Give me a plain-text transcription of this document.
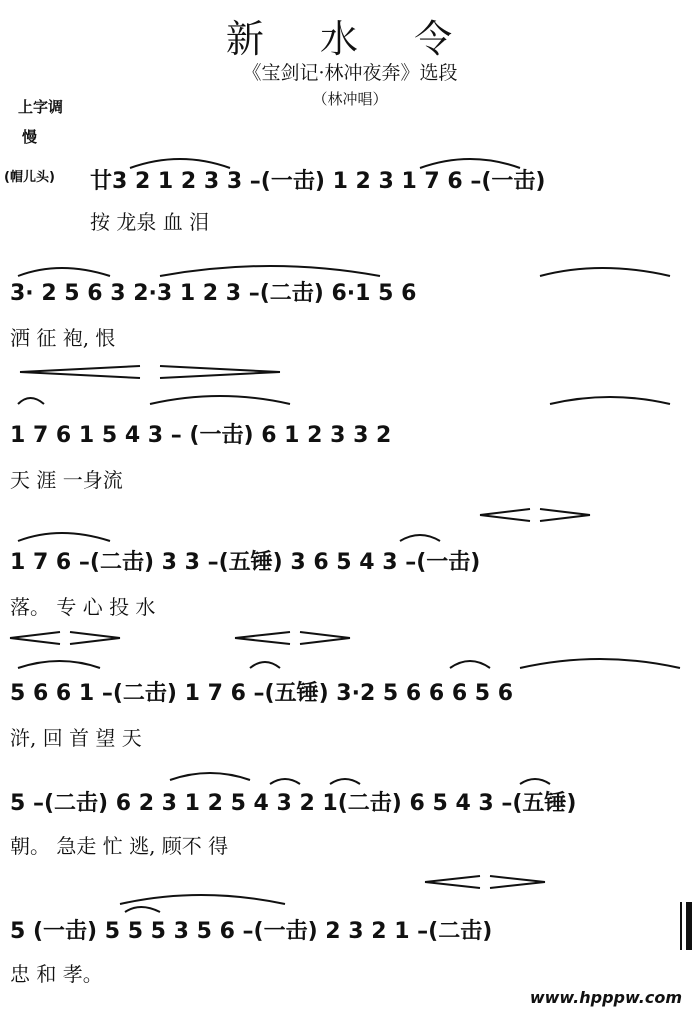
新 水 令
《宝剑记·林冲夜奔》选段
（林冲唱）
上字调
慢
(帽儿头) 廿3 2 1 2 3 3 –(一击) 1 2 3 1 7 6 –(一击)
按 龙泉 血 泪
3· 2 5 6 3 2·3 1 2 3 –(二击) 6·1 5 6
洒 征 袍, 恨
1 7 6 1 5 4 3 – (一击) 6 1 2 3 3 2
天 涯 一身流
1 7 6 –(二击) 3 3 –(五锤) 3 6 5 4 3 –(一击)
落。 专 心 投 水
5 6 6 1 –(二击) 1 7 6 –(五锤) 3·2 5 6 6 6 5 6
浒, 回 首 望 天
5 –(二击) 6 2 3 1 2 5 4 3 2 1(二击) 6 5 4 3 –(五锤)
朝。 急走 忙 逃, 顾不 得
5 (一击) 5 5 5 3 5 6 –(一击) 2 3 2 1 –(二击)
忠 和 孝。
www.hpppw.com
